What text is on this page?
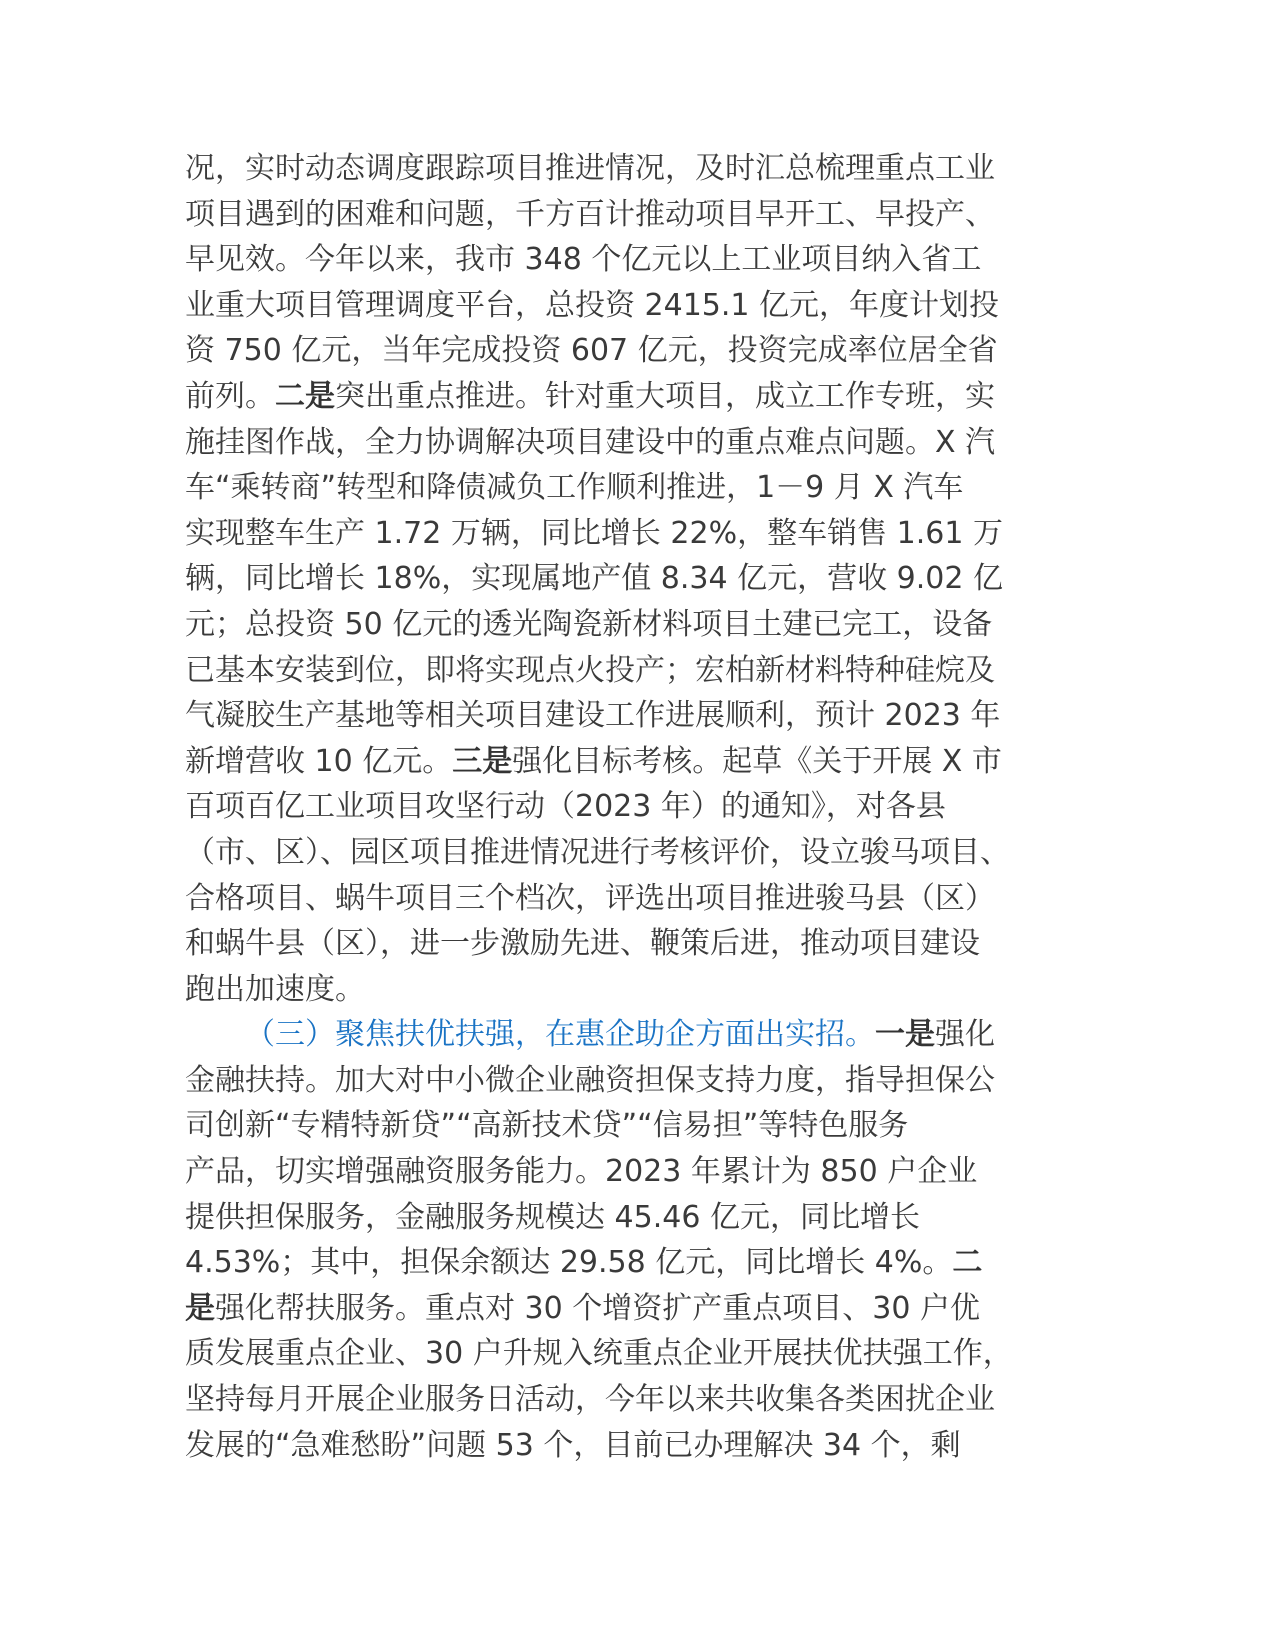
况，实时动态调度跟踪项目推进情况，及时汇总梳理重点工业
项目遇到的困难和问题，千方百计推动项目早开工、早投产、
早见效。今年以来，我市 348 个亿元以上工业项目纳入省工
业重大项目管理调度平台，总投资 2415.1 亿元，年度计划投
资 750 亿元，当年完成投资 607 亿元，投资完成率位居全省
前列。二是突出重点推进。针对重大项目，成立工作专班，实
施挂图作战，全力协调解决项目建设中的重点难点问题。X 汽
车“乘转商”转型和降债减负工作顺利推进，1－9 月 X 汽车
实现整车生产 1.72 万辆，同比增长 22%，整车销售 1.61 万
辆，同比增长 18%，实现属地产值 8.34 亿元，营收 9.02 亿
元；总投资 50 亿元的透光陶瓷新材料项目土建已完工，设备
已基本安装到位，即将实现点火投产；宏柏新材料特种硅烷及
气凝胶生产基地等相关项目建设工作进展顺利，预计 2023 年
新增营收 10 亿元。三是强化目标考核。起草《关于开展 X 市
百项百亿工业项目攻坚行动（2023 年）的通知》，对各县
（市、区）、园区项目推进情况进行考核评价，设立骏马项目、
合格项目、蜗牛项目三个档次，评选出项目推进骏马县（区）
和蜗牛县（区），进一步激励先进、鞭策后进，推动项目建设
跑出加速度。
（三）聚焦扶优扶强，在惠企助企方面出实招。一是强化
金融扶持。加大对中小微企业融资担保支持力度，指导担保公
司创新“专精特新贷”“高新技术贷”“信易担”等特色服务
产品，切实增强融资服务能力。2023 年累计为 850 户企业
提供担保服务，金融服务规模达 45.46 亿元，同比增长
4.53%；其中，担保余额达 29.58 亿元，同比增长 4%。二
是强化帮扶服务。重点对 30 个增资扩产重点项目、30 户优
质发展重点企业、30 户升规入统重点企业开展扶优扶强工作，
坚持每月开展企业服务日活动，今年以来共收集各类困扰企业
发展的“急难愁盼”问题 53 个，目前已办理解决 34 个，剩
